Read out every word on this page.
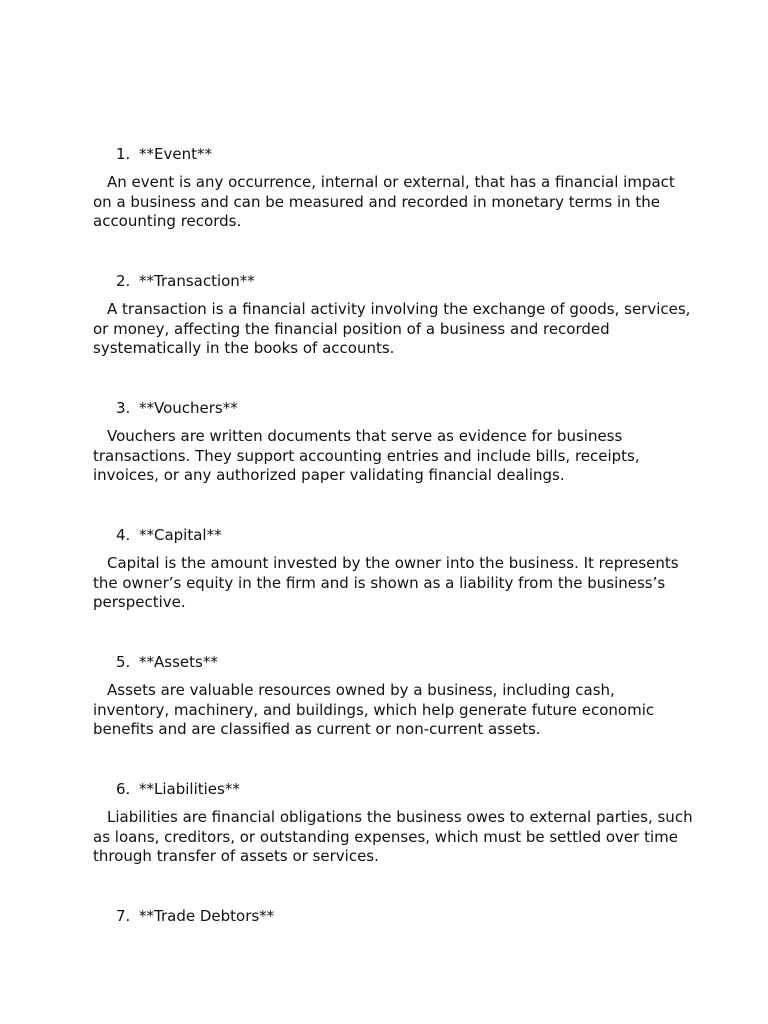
1. **Event**

An event is any occurrence, internal or external, that has a financial impact on a business and can be measured and recorded in monetary terms in the accounting records.

2. **Transaction**

A transaction is a financial activity involving the exchange of goods, services, or money, affecting the financial position of a business and recorded systematically in the books of accounts.

3. **Vouchers**

Vouchers are written documents that serve as evidence for business transactions. They support accounting entries and include bills, receipts, invoices, or any authorized paper validating financial dealings.

4. **Capital**

Capital is the amount invested by the owner into the business. It represents the owner’s equity in the firm and is shown as a liability from the business’s perspective.

5. **Assets**

Assets are valuable resources owned by a business, including cash, inventory, machinery, and buildings, which help generate future economic benefits and are classified as current or non-current assets.

6. **Liabilities**

Liabilities are financial obligations the business owes to external parties, such as loans, creditors, or outstanding expenses, which must be settled over time through transfer of assets or services.

7. **Trade Debtors**
